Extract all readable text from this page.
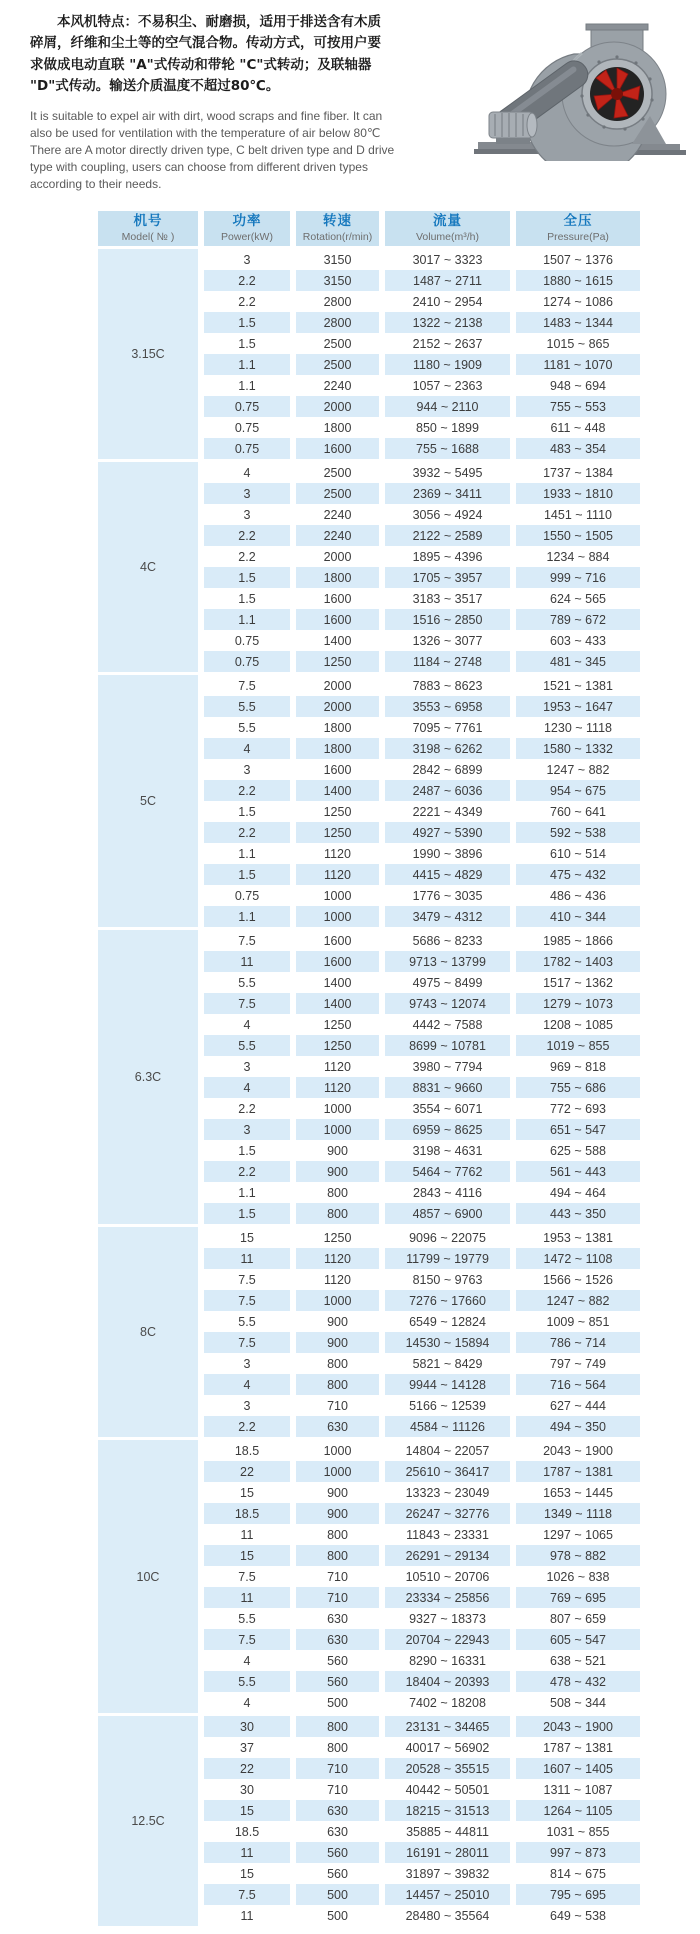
本风机特点：不易积尘、耐磨损，适用于排送含有木质碎屑，纤维和尘土等的空气混合物。传动方式，可按用户要求做成电动直联 "A"式传动和带轮 "C"式转动；及联轴器 "D"式传动。输送介质温度不超过80℃。

It is suitable to expel air with dirt, wood scraps and fine fiber. It can also be used for ventilation with the temperature of air below 80℃ There are A motor directly driven type, C belt driven type and D drive type with coupling, users can choose from different driven types according to their needs.

机号
Model( № )
功率
Power(kW)
转速
Rotation(r/min)
流量
Volume(m³/h)
全压
Pressure(Pa)
3.15C
3	3150	3017 ~ 3323	1507 ~ 1376
2.2	3150	1487 ~ 2711	1880 ~ 1615
2.2	2800	2410 ~ 2954	1274 ~ 1086
1.5	2800	1322 ~ 2138	1483 ~ 1344
1.5	2500	2152 ~ 2637	1015 ~ 865
1.1	2500	1180 ~ 1909	1181 ~ 1070
1.1	2240	1057 ~ 2363	948 ~ 694
0.75	2000	944 ~ 2110	755 ~ 553
0.75	1800	850 ~ 1899	611 ~ 448
0.75	1600	755 ~ 1688	483 ~ 354
4C
4	2500	3932 ~ 5495	1737 ~ 1384
3	2500	2369 ~ 3411	1933 ~ 1810
3	2240	3056 ~ 4924	1451 ~ 1110
2.2	2240	2122 ~ 2589	1550 ~ 1505
2.2	2000	1895 ~ 4396	1234 ~ 884
1.5	1800	1705 ~ 3957	999 ~ 716
1.5	1600	3183 ~ 3517	624 ~ 565
1.1	1600	1516 ~ 2850	789 ~ 672
0.75	1400	1326 ~ 3077	603 ~ 433
0.75	1250	1184 ~ 2748	481 ~ 345
5C
7.5	2000	7883 ~ 8623	1521 ~ 1381
5.5	2000	3553 ~ 6958	1953 ~ 1647
5.5	1800	7095 ~ 7761	1230 ~ 1118
4	1800	3198 ~ 6262	1580 ~ 1332
3	1600	2842 ~ 6899	1247 ~ 882
2.2	1400	2487 ~ 6036	954 ~ 675
1.5	1250	2221 ~ 4349	760 ~ 641
2.2	1250	4927 ~ 5390	592 ~ 538
1.1	1120	1990 ~ 3896	610 ~ 514
1.5	1120	4415 ~ 4829	475 ~ 432
0.75	1000	1776 ~ 3035	486 ~ 436
1.1	1000	3479 ~ 4312	410 ~ 344
6.3C
7.5	1600	5686 ~ 8233	1985 ~ 1866
11	1600	9713 ~ 13799	1782 ~ 1403
5.5	1400	4975 ~ 8499	1517 ~ 1362
7.5	1400	9743 ~ 12074	1279 ~ 1073
4	1250	4442 ~ 7588	1208 ~ 1085
5.5	1250	8699 ~ 10781	1019 ~ 855
3	1120	3980 ~ 7794	969 ~ 818
4	1120	8831 ~ 9660	755 ~ 686
2.2	1000	3554 ~ 6071	772 ~ 693
3	1000	6959 ~ 8625	651 ~ 547
1.5	900	3198 ~ 4631	625 ~ 588
2.2	900	5464 ~ 7762	561 ~ 443
1.1	800	2843 ~ 4116	494 ~ 464
1.5	800	4857 ~ 6900	443 ~ 350
8C
15	1250	9096 ~ 22075	1953 ~ 1381
11	1120	11799 ~ 19779	1472 ~ 1108
7.5	1120	8150 ~ 9763	1566 ~ 1526
7.5	1000	7276 ~ 17660	1247 ~ 882
5.5	900	6549 ~ 12824	1009 ~ 851
7.5	900	14530 ~ 15894	786 ~ 714
3	800	5821 ~ 8429	797 ~ 749
4	800	9944 ~ 14128	716 ~ 564
3	710	5166 ~ 12539	627 ~ 444
2.2	630	4584 ~ 11126	494 ~ 350
10C
18.5	1000	14804 ~ 22057	2043 ~ 1900
22	1000	25610 ~ 36417	1787 ~ 1381
15	900	13323 ~ 23049	1653 ~ 1445
18.5	900	26247 ~ 32776	1349 ~ 1118
11	800	11843 ~ 23331	1297 ~ 1065
15	800	26291 ~ 29134	978 ~ 882
7.5	710	10510 ~ 20706	1026 ~ 838
11	710	23334 ~ 25856	769 ~ 695
5.5	630	9327 ~ 18373	807 ~ 659
7.5	630	20704 ~ 22943	605 ~ 547
4	560	8290 ~ 16331	638 ~ 521
5.5	560	18404 ~ 20393	478 ~ 432
4	500	7402 ~ 18208	508 ~ 344
12.5C
30	800	23131 ~ 34465	2043 ~ 1900
37	800	40017 ~ 56902	1787 ~ 1381
22	710	20528 ~ 35515	1607 ~ 1405
30	710	40442 ~ 50501	1311 ~ 1087
15	630	18215 ~ 31513	1264 ~ 1105
18.5	630	35885 ~ 44811	1031 ~ 855
11	560	16191 ~ 28011	997 ~ 873
15	560	31897 ~ 39832	814 ~ 675
7.5	500	14457 ~ 25010	795 ~ 695
11	500	28480 ~ 35564	649 ~ 538
